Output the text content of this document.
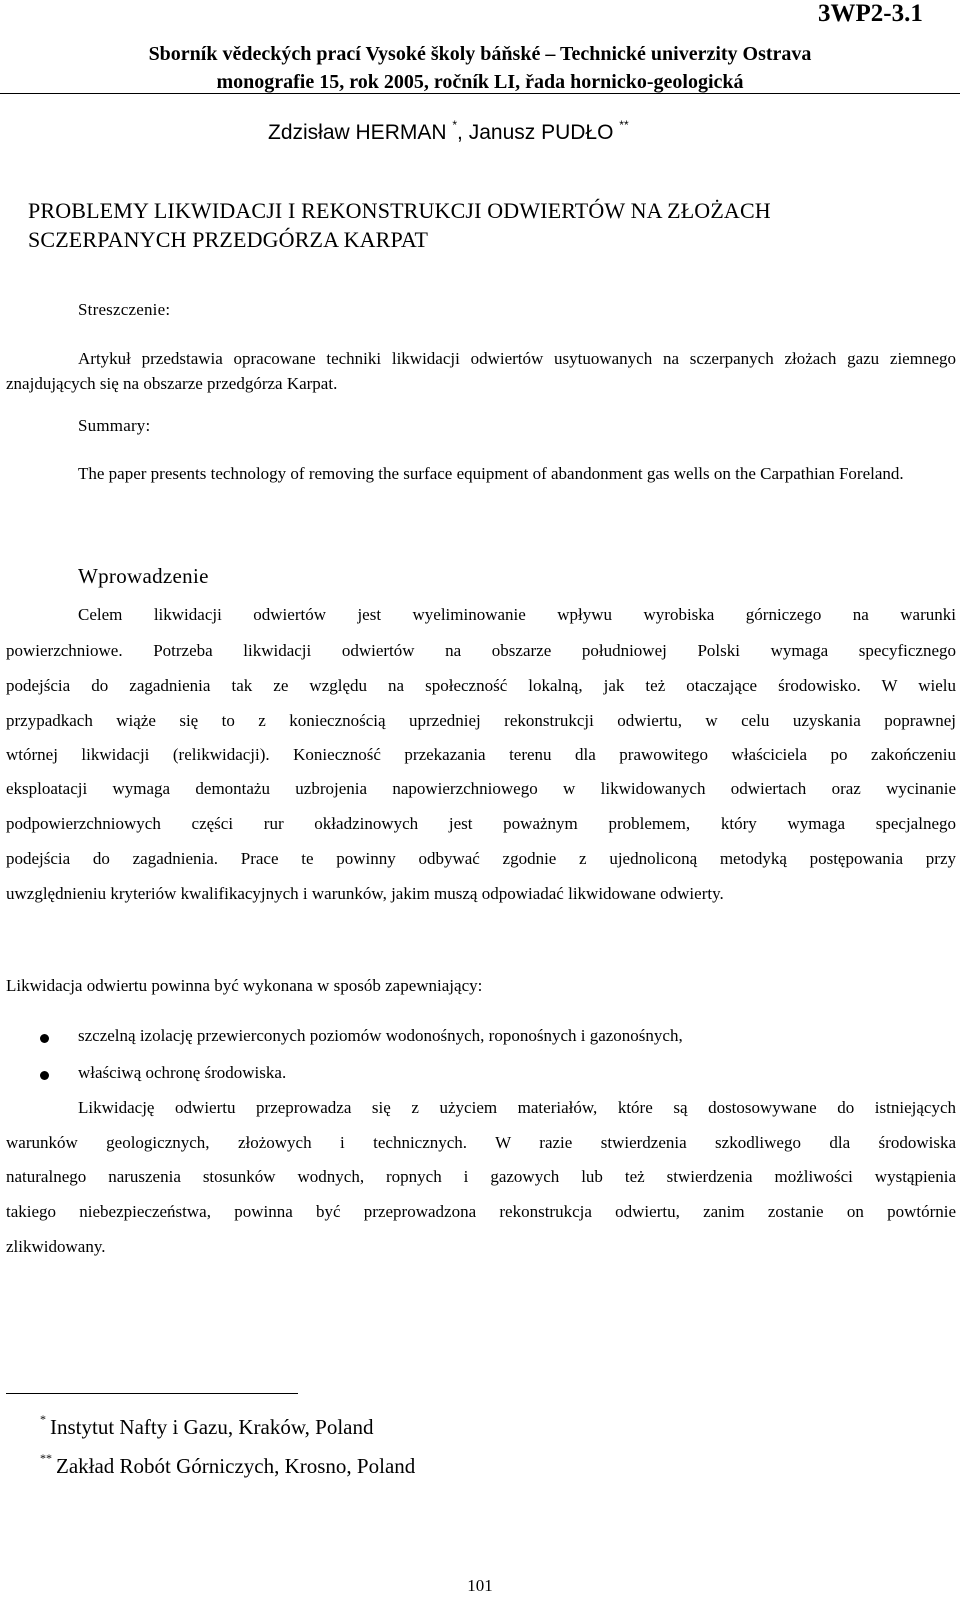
3WP2-3.1
Sborník vědeckých prací Vysoké školy báňské – Technické univerzity Ostrava
monografie 15, rok 2005, ročník LI, řada hornicko-geologická
Zdzisław HERMAN *, Janusz PUDŁO **
PROBLEMY LIKWIDACJI I REKONSTRUKCJI ODWIERTÓW NA ZŁOŻACH
SCZERPANYCH PRZEDGÓRZA KARPAT
Streszczenie:
Artykuł przedstawia opracowane techniki likwidacji odwiertów usytuowanych na sczerpanych złożach gazu ziemnego znajdujących się na obszarze przedgórza Karpat.
Summary:
The paper presents technology of removing the surface equipment of abandonment gas wells on the Carpathian Foreland.
Wprowadzenie
Celem likwidacji odwiertów jest wyeliminowanie wpływu wyrobiska górniczego na warunki
powierzchniowe. Potrzeba likwidacji odwiertów na obszarze południowej Polski wymaga specyficznego
podejścia do zagadnienia tak ze względu na społeczność lokalną, jak też otaczające środowisko. W wielu
przypadkach wiąże się to z koniecznością uprzedniej rekonstrukcji odwiertu, w celu uzyskania poprawnej
wtórnej likwidacji (relikwidacji). Konieczność przekazania terenu dla prawowitego właściciela po zakończeniu
eksploatacji wymaga demontażu uzbrojenia napowierzchniowego w likwidowanych odwiertach oraz wycinanie
podpowierzchniowych części rur okładzinowych jest poważnym problemem, który wymaga specjalnego
podejścia do zagadnienia. Prace te powinny odbywać zgodnie z ujednoliconą metodyką postępowania przy
uwzględnieniu kryteriów kwalifikacyjnych i warunków, jakim muszą odpowiadać likwidowane odwierty.
Likwidacja odwiertu powinna być wykonana w sposób zapewniający:
szczelną izolację przewierconych poziomów wodonośnych, roponośnych i gazonośnych,
właściwą ochronę środowiska.
Likwidację odwiertu przeprowadza się z użyciem materiałów, które są dostosowywane do istniejących
warunków geologicznych, złożowych i technicznych. W razie stwierdzenia szkodliwego dla środowiska
naturalnego naruszenia stosunków wodnych, ropnych i gazowych lub też stwierdzenia możliwości wystąpienia
takiego niebezpieczeństwa, powinna być przeprowadzona rekonstrukcja odwiertu, zanim zostanie on powtórnie
zlikwidowany.
* Instytut Nafty i Gazu, Kraków, Poland
** Zakład Robót Górniczych, Krosno, Poland
101
